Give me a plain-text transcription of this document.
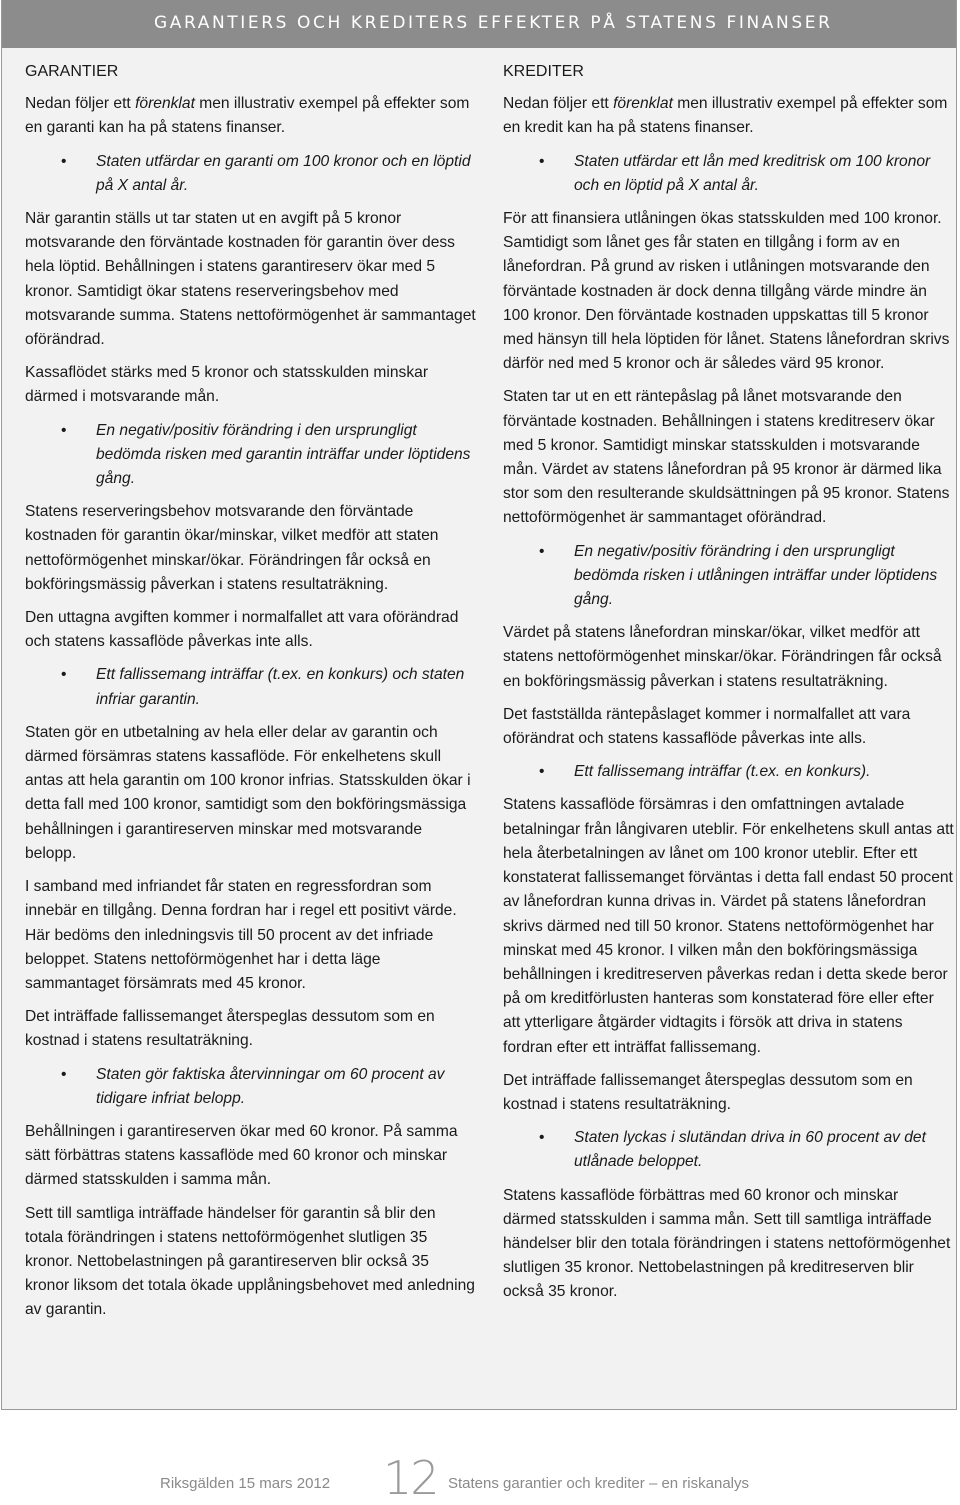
GARANTIERS OCH KREDITERS EFFEKTER PÅ STATENS FINANSER
GARANTIER

Nedan följer ett förenklat men illustrativ exempel på effekter som en garanti kan ha på statens finanser.

• Staten utfärdar en garanti om 100 kronor och en löptid på X antal år.

När garantin ställs ut tar staten ut en avgift på 5 kronor motsvarande den förväntade kostnaden för garantin över dess hela löptid. Behållningen i statens garantireserv ökar med 5 kronor. Samtidigt ökar statens reserveringsbehov med motsvarande summa. Statens nettoförmögenhet är sammantaget oförändrad.

Kassaflödet stärks med 5 kronor och statsskulden minskar därmed i motsvarande mån.

• En negativ/positiv förändring i den ursprungligt bedömda risken med garantin inträffar under löptidens gång.

Statens reserveringsbehov motsvarande den förväntade kostnaden för garantin ökar/minskar, vilket medför att staten nettoförmögenhet minskar/ökar. Förändringen får också en bokföringsmässig påverkan i statens resultaträkning.

Den uttagna avgiften kommer i normalfallet att vara oförändrad och statens kassaflöde påverkas inte alls.

• Ett fallissemang inträffar (t.ex. en konkurs) och staten infriar garantin.

Staten gör en utbetalning av hela eller delar av garantin och därmed försämras statens kassaflöde. För enkelhetens skull antas att hela garantin om 100 kronor infrias. Statsskulden ökar i detta fall med 100 kronor, samtidigt som den bokföringsmässiga behållningen i garantireserven minskar med motsvarande belopp.

I samband med infriandet får staten en regressfordran som innebär en tillgång. Denna fordran har i regel ett positivt värde. Här bedöms den inledningsvis till 50 procent av det infriade beloppet. Statens nettoförmögenhet har i detta läge sammantaget försämrats med 45 kronor.

Det inträffade fallissemanget återspeglas dessutom som en kostnad i statens resultaträkning.

• Staten gör faktiska återvinningar om 60 procent av tidigare infriat belopp.

Behållningen i garantireserven ökar med 60 kronor. På samma sätt förbättras statens kassaflöde med 60 kronor och minskar därmed statsskulden i samma mån.

Sett till samtliga inträffade händelser för garantin så blir den totala förändringen i statens nettoförmögenhet slutligen 35 kronor. Nettobelastningen på garantireserven blir också 35 kronor liksom det totala ökade upplåningsbehovet med anledning av garantin.

KREDITER

Nedan följer ett förenklat men illustrativ exempel på effekter som en kredit kan ha på statens finanser.

• Staten utfärdar ett lån med kreditrisk om 100 kronor och en löptid på X antal år.

För att finansiera utlåningen ökas statsskulden med 100 kronor. Samtidigt som lånet ges får staten en tillgång i form av en lånefordran. På grund av risken i utlåningen motsvarande den förväntade kostnaden är dock denna tillgång värde mindre än 100 kronor. Den förväntade kostnaden uppskattas till 5 kronor med hänsyn till hela löptiden för lånet. Statens lånefordran skrivs därför ned med 5 kronor och är således värd 95 kronor.

Staten tar ut en ett räntepåslag på lånet motsvarande den förväntade kostnaden. Behållningen i statens kreditreserv ökar med 5 kronor. Samtidigt minskar statsskulden i motsvarande mån. Värdet av statens lånefordran på 95 kronor är därmed lika stor som den resulterande skuldsättningen på 95 kronor. Statens nettoförmögenhet är sammantaget oförändrad.

• En negativ/positiv förändring i den ursprungligt bedömda risken i utlåningen inträffar under löptidens gång.

Värdet på statens lånefordran minskar/ökar, vilket medför att statens nettoförmögenhet minskar/ökar. Förändringen får också en bokföringsmässig påverkan i statens resultaträkning.

Det fastställda räntepåslaget kommer i normalfallet att vara oförändrat och statens kassaflöde påverkas inte alls.

• Ett fallissemang inträffar (t.ex. en konkurs).

Statens kassaflöde försämras i den omfattningen avtalade betalningar från långivaren uteblir. För enkelhetens skull antas att hela återbetalningen av lånet om 100 kronor uteblir. Efter ett konstaterat fallissemanget förväntas i detta fall endast 50 procent av lånefordran kunna drivas in. Värdet på statens lånefordran skrivs därmed ned till 50 kronor. Statens nettoförmögenhet har minskat med 45 kronor. I vilken mån den bokföringsmässiga behållningen i kreditreserven påverkas redan i detta skede beror på om kreditförlusten hanteras som konstaterad före eller efter att ytterligare åtgärder vidtagits i försök att driva in statens fordran efter ett inträffat fallissemang.

Det inträffade fallissemanget återspeglas dessutom som en kostnad i statens resultaträkning.

• Staten lyckas i slutändan driva in 60 procent av det utlånade beloppet.

Statens kassaflöde förbättras med 60 kronor och minskar därmed statsskulden i samma mån. Sett till samtliga inträffade händelser blir den totala förändringen i statens nettoförmögenhet slutligen 35 kronor. Nettobelastningen på kreditreserven blir också 35 kronor.

Riksgälden 15 mars 2012 12 Statens garantier och krediter – en riskanalys
